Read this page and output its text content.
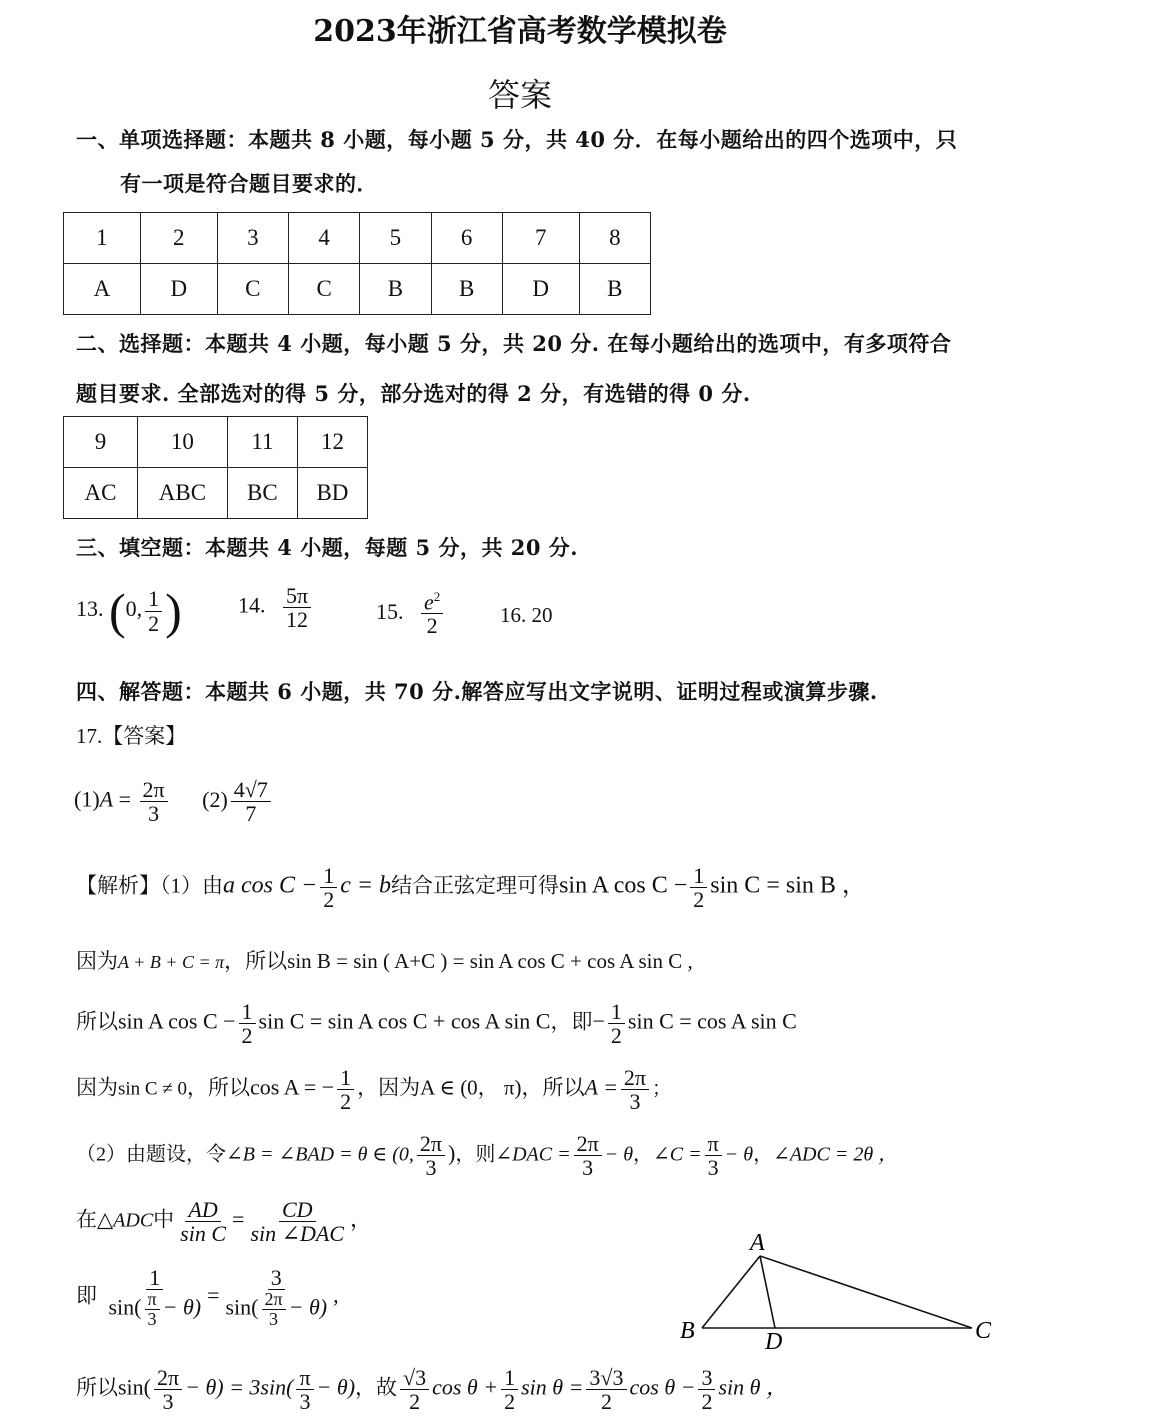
2023年浙江省高考数学模拟卷
答案
一、单项选择题：本题共 8 小题，每小题 5 分，共 40 分．在每小题给出的四个选项中，只
有一项是符合题目要求的．
1	2	3	4	5	6	7	8
A	D	C	C	B	B	D	B
二、选择题：本题共 4 小题，每小题 5 分，共 20 分. 在每小题给出的选项中，有多项符合
题目要求. 全部选对的得 5 分，部分选对的得 2 分，有选错的得 0 分.
9	10	11	12
AC	ABC	BC	BD
三、填空题：本题共 4 小题，每题 5 分，共 20 分.
13. (0, $\frac{1}{2}$ )	14. $\frac{5\pi}{12}$	15. $\frac{e^2}{2}$	16. 20
四、解答题：本题共 6 小题，共 70 分.解答应写出文字说明、证明过程或演算步骤.
17.【答案】
$(1)A = \frac{2\pi}{3} (2) \frac{4√7}{7}$
【解析】（1）由a $\cos C - \frac{1}{2}$ c = b结合正弦定理可得sin A $\cos C - \frac{1}{2}$ sin C = sin B ，
因为A + B + C = π，所以sin B = sin ( A+C ) = sin A cos C + cos A sin C ,
所以sin A $\cos C - \frac{1}{2}$ sin C = sin A cos C + cos A sin C，即− $\frac{1}{2}$ sin C = cos A sin C
因为sin C ≠ 0，所以cos A = − $\frac{1}{2}$ ，因为A ∈ (0， π)，所以$A = \frac{2\pi}{3}$ ；
（2）由题设，令∠B = ∠BAD = θ ∈ (0, $\frac{2\pi}{3}$ )，则∠DAC = $\frac{2\pi}{3} - \theta$，∠C = $\frac{\pi}{3} - \theta$，∠ADC = 2θ ，
在△ADC中 $\frac{AD}{\text{sin C}} = \frac{CD}{\text{sin ∠DAC}}$ ，
即 $\frac{1}{\sin( \frac{\pi}{3} - \theta)} = \frac{3}{\sin( \frac{2\pi}{3} - \theta)}$ ,
所以$\sin( \frac{2\pi}{3} - \theta) = 3\sin( \frac{\pi}{3} - \theta)$，故 $\frac{√3}{2}$ $\cos \theta + \frac{1}{2}$ $\sin \theta = \frac{3√3}{2}$ $\cos \theta - \frac{3}{2}$ sin θ ，
A
B	C
D
